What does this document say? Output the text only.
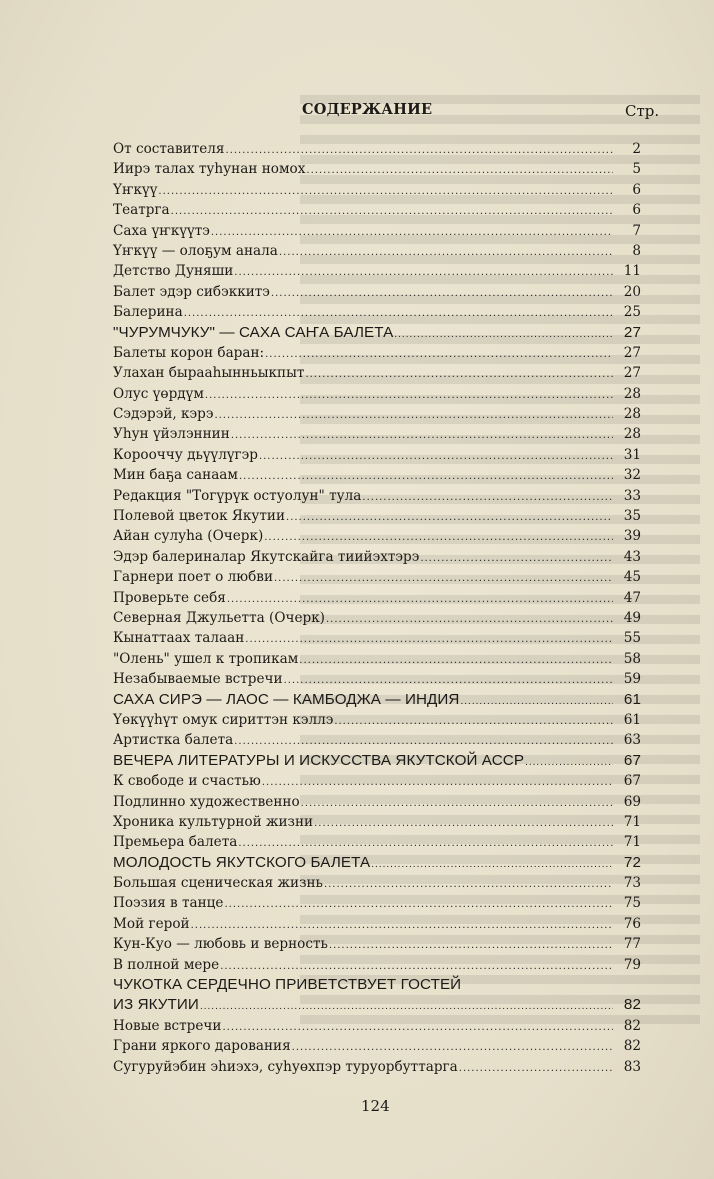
СОДЕРЖАНИЕ	Стр.
От составителя .....	2
Иирэ талах туһунан номох .....	5
Үҥкүү .....	6
Театрга .....	6
Саха үҥкүүтэ .....	7
Үҥкүү — олоҕум анала .....	8
Детство Дуняши .....	11
Балет эдэр сибэккитэ .....	20
Балерина .....	25
"ЧУРУМЧУКУ" — САХА САҤА БАЛЕТА .....	27
Балеты корон баран: .....	27
Улахан бырааһынньыкпыт .....	27
Олус үөрдүм .....	28
Сэдэрэй, кэрэ .....	28
Уһун үйэлэннин .....	28
Корооччу дьүүлүгэр .....	31
Мин баҕа санаам .....	32
Редакция "Тогүрүк остуолун" тула .....	33
Полевой цветок Якутии .....	35
Айан сулуһа (Очерк) .....	39
Эдэр балериналар Якутскайга тиийэхтэрэ .....	43
Гарнери поет о любви .....	45
Проверьте себя .....	47
Северная Джульетта (Очерк) .....	49
Кынаттаах талаан .....	55
"Олень" ушел к тропикам .....	58
Незабываемые встречи .....	59
САХА СИРЭ — ЛАОС — КАМБОДЖА — ИНДИЯ .....	61
Үөкүүһүт омук сириттэн кэллэ .....	61
Артистка балета .....	63
ВЕЧЕРА ЛИТЕРАТУРЫ И ИСКУССТВА ЯКУТСКОЙ АССР .....	67
К свободе и счастью .....	67
Подлинно художественно .....	69
Хроника культурной жизни .....	71
Премьера балета .....	71
МОЛОДОСТЬ ЯКУТСКОГО БАЛЕТА .....	72
Большая сценическая жизнь .....	73
Поэзия в танце .....	75
Мой герой .....	76
Кун-Куо — любовь и верность .....	77
В полной мере .....	79
ЧУКОТКА СЕРДЕЧНО ПРИВЕТСТВУЕТ ГОСТЕЙ
ИЗ ЯКУТИИ .....	82
Новые встречи .....	82
Грани яркого дарования .....	82
Сугуруйэбин эһиэхэ, суһуөхпэр туруорбуттарга .....	83
124
